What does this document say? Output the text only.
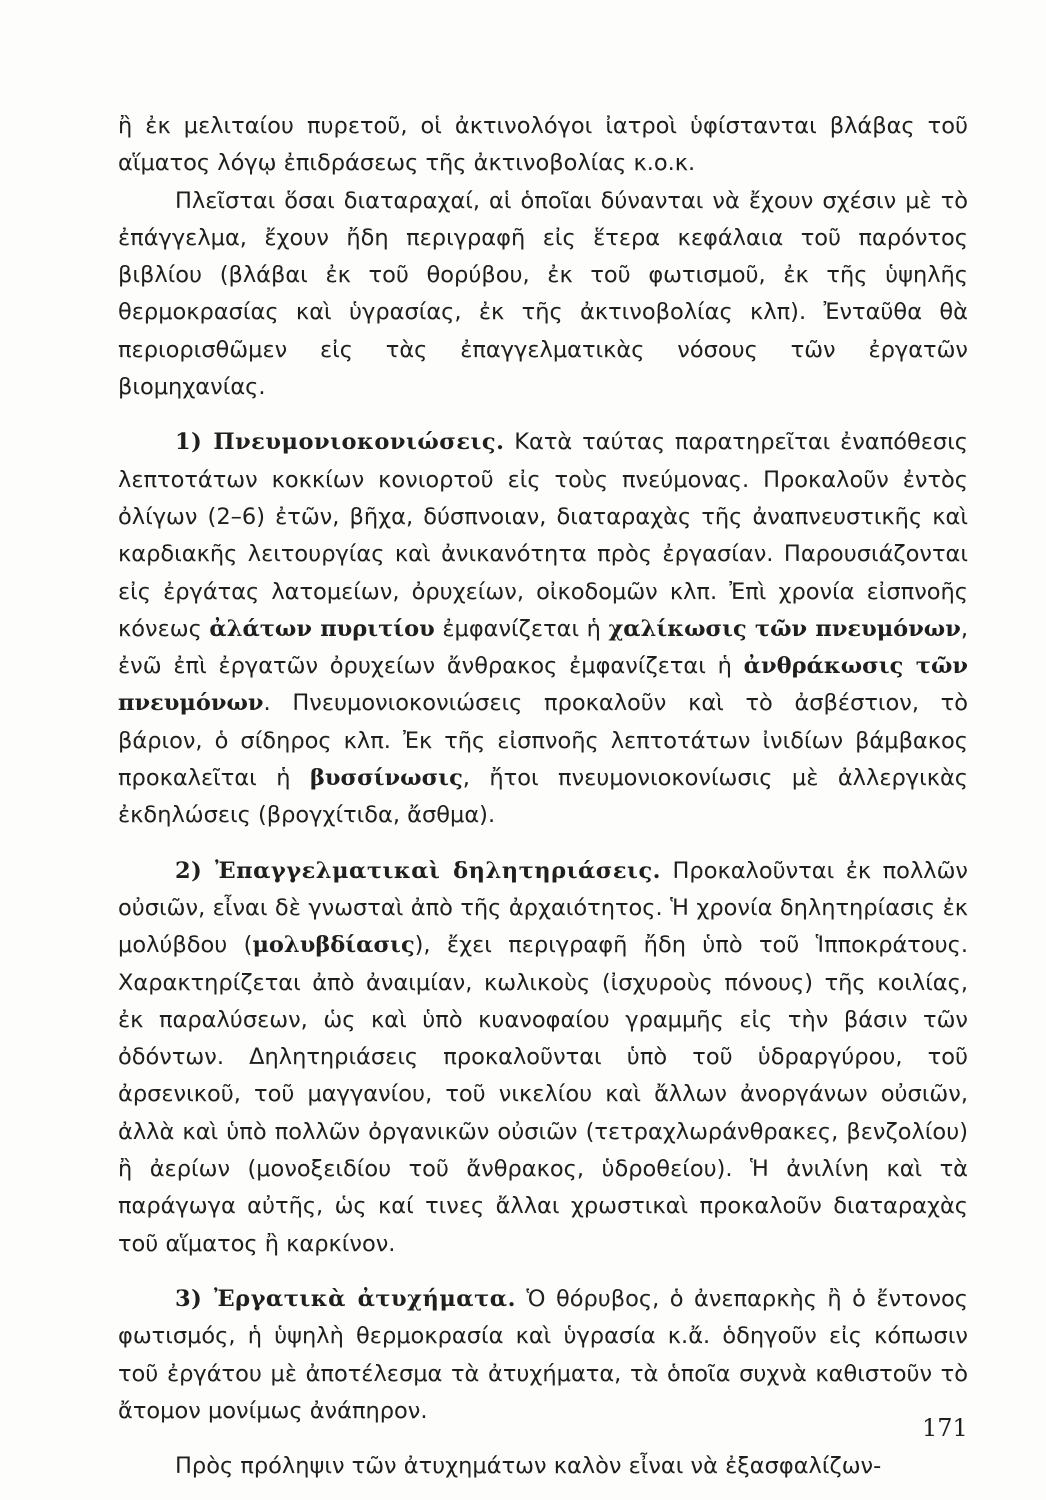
ἢ ἐκ μελιταίου πυρετοῦ, οἱ ἀκτινολόγοι ἰατροὶ ὑφίστανται βλάβας τοῦ αἵματος λόγῳ ἐπιδράσεως τῆς ἀκτινοβολίας κ.ο.κ.

Πλεῖσται ὅσαι διαταραχαί, αἱ ὁποῖαι δύνανται νὰ ἔχουν σχέσιν μὲ τὸ ἐπάγγελμα, ἔχουν ἤδη περιγραφῆ εἰς ἕτερα κεφάλαια τοῦ παρόντος βιβλίου (βλάβαι ἐκ τοῦ θορύβου, ἐκ τοῦ φωτισμοῦ, ἐκ τῆς ὑψηλῆς θερμοκρασίας καὶ ὑγρασίας, ἐκ τῆς ἀκτινοβολίας κλπ). Ἐνταῦθα θὰ περιορισθῶμεν εἰς τὰς ἐπαγγελματικὰς νόσους τῶν ἐργατῶν βιομηχανίας.

1) Πνευμονιοκονιώσεις. Κατὰ ταύτας παρατηρεῖται ἐναπόθεσις λεπτοτάτων κοκκίων κονιορτοῦ εἰς τοὺς πνεύμονας. Προκαλοῦν ἐντὸς ὀλίγων (2–6) ἐτῶν, βῆχα, δύσπνοιαν, διαταραχὰς τῆς ἀναπνευστικῆς καὶ καρδιακῆς λειτουργίας καὶ ἀνικανότητα πρὸς ἐργασίαν. Παρουσιάζονται εἰς ἐργάτας λατομείων, ὀρυχείων, οἰκοδομῶν κλπ. Ἐπὶ χρονία εἰσπνοῆς κόνεως ἀλάτων πυριτίου ἐμφανίζεται ἡ χαλίκωσις τῶν πνευμόνων, ἐνῶ ἐπὶ ἐργατῶν ὀρυχείων ἄνθρακος ἐμφανίζεται ἡ ἀνθράκωσις τῶν πνευμόνων. Πνευμονιοκονιώσεις προκαλοῦν καὶ τὸ ἀσβέστιον, τὸ βάριον, ὁ σίδηρος κλπ. Ἐκ τῆς εἰσπνοῆς λεπτοτάτων ἰνιδίων βάμβακος προκαλεῖται ἡ βυσσίνωσις, ἤτοι πνευμονιοκονίωσις μὲ ἀλλεργικὰς ἐκδηλώσεις (βρογχίτιδα, ἄσθμα).

2) Ἐπαγγελματικαὶ δηλητηριάσεις. Προκαλοῦνται ἐκ πολλῶν οὐσιῶν, εἶναι δὲ γνωσταὶ ἀπὸ τῆς ἀρχαιότητος. Ἡ χρονία δηλητηρίασις ἐκ μολύβδου (μολυβδίασις), ἔχει περιγραφῆ ἤδη ὑπὸ τοῦ Ἱπποκράτους. Χαρακτηρίζεται ἀπὸ ἀναιμίαν, κωλικοὺς (ἰσχυροὺς πόνους) τῆς κοιλίας, ἐκ παραλύσεων, ὡς καὶ ὑπὸ κυανοφαίου γραμμῆς εἰς τὴν βάσιν τῶν ὀδόντων. Δηλητηριάσεις προκαλοῦνται ὑπὸ τοῦ ὑδραργύρου, τοῦ ἀρσενικοῦ, τοῦ μαγγανίου, τοῦ νικελίου καὶ ἄλλων ἀνοργάνων οὐσιῶν, ἀλλὰ καὶ ὑπὸ πολλῶν ὀργανικῶν οὐσιῶν (τετραχλωράνθρακες, βενζολίου) ἢ ἀερίων (μονοξειδίου τοῦ ἄνθρακος, ὑδροθείου). Ἡ ἀνιλίνη καὶ τὰ παράγωγα αὐτῆς, ὡς καί τινες ἄλλαι χρωστικαὶ προκαλοῦν διαταραχὰς τοῦ αἵματος ἢ καρκίνον.

3) Ἐργατικὰ ἀτυχήματα. Ὁ θόρυβος, ὁ ἀνεπαρκὴς ἢ ὁ ἔντονος φωτισμός, ἡ ὑψηλὴ θερμοκρασία καὶ ὑγρασία κ.ἄ. ὁδηγοῦν εἰς κόπωσιν τοῦ ἐργάτου μὲ ἀποτέλεσμα τὰ ἀτυχήματα, τὰ ὁποῖα συχνὰ καθιστοῦν τὸ ἄτομον μονίμως ἀνάπηρον.

Πρὸς πρόληψιν τῶν ἀτυχημάτων καλὸν εἶναι νὰ ἐξασφαλίζων-

171
